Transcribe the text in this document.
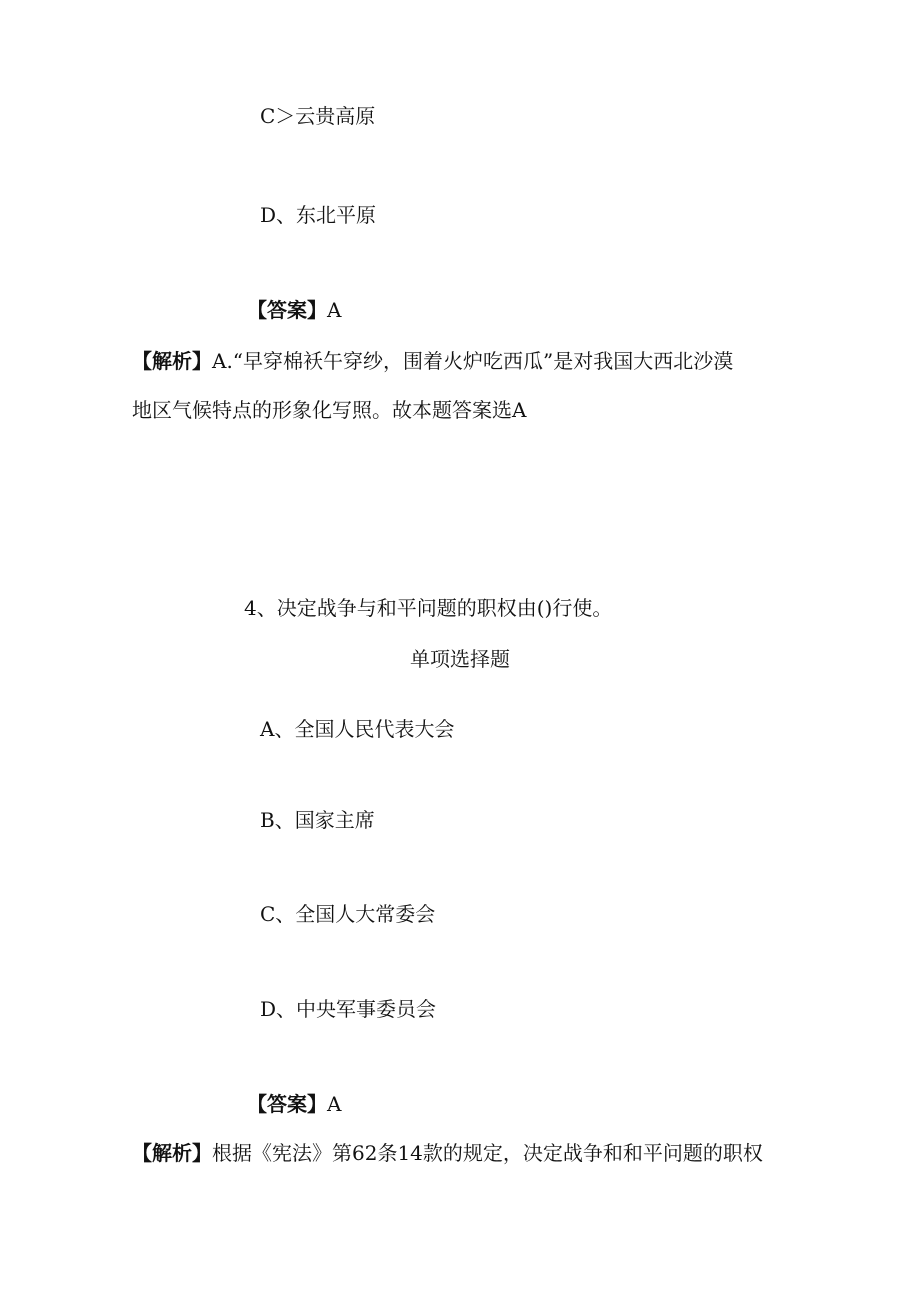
C＞云贵高原
D、东北平原
【答案】A
【解析】A.“早穿棉袄午穿纱，围着火炉吃西瓜”是对我国大西北沙漠
地区气候特点的形象化写照。故本题答案选A
4、决定战争与和平问题的职权由()行使。
单项选择题
A、全国人民代表大会
B、国家主席
C、全国人大常委会
D、中央军事委员会
【答案】A
【解析】根据《宪法》第62条14款的规定，决定战争和和平问题的职权
